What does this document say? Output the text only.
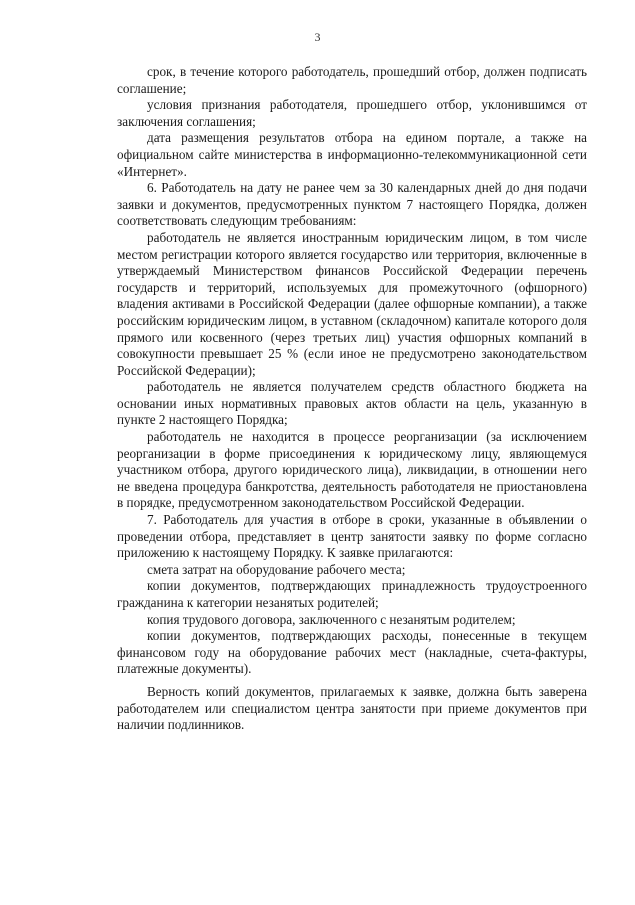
3

срок, в течение которого работодатель, прошедший отбор, должен подписать соглашение;

условия признания работодателя, прошедшего отбор, уклонившимся от заключения соглашения;

дата размещения результатов отбора на едином портале, а также на официальном сайте министерства в информационно-телекоммуникационной сети «Интернет».

6. Работодатель на дату не ранее чем за 30 календарных дней до дня подачи заявки и документов, предусмотренных пунктом 7 настоящего Порядка, должен соответствовать следующим требованиям:

работодатель не является иностранным юридическим лицом, в том числе местом регистрации которого является государство или территория, включенные в утверждаемый Министерством финансов Российской Федерации перечень государств и территорий, используемых для промежуточного (офшорного) владения активами в Российской Федерации (далее офшорные компании), а также российским юридическим лицом, в уставном (складочном) капитале которого доля прямого или косвенного (через третьих лиц) участия офшорных компаний в совокупности превышает 25 % (если иное не предусмотрено законодательством Российской Федерации);

работодатель не является получателем средств областного бюджета на основании иных нормативных правовых актов области на цель, указанную в пункте 2 настоящего Порядка;

работодатель не находится в процессе реорганизации (за исключением реорганизации в форме присоединения к юридическому лицу, являющемуся участником отбора, другого юридического лица), ликвидации, в отношении него не введена процедура банкротства, деятельность работодателя не приостановлена в порядке, предусмотренном законодательством Российской Федерации.

7. Работодатель для участия в отборе в сроки, указанные в объявлении о проведении отбора, представляет в центр занятости заявку по форме согласно приложению к настоящему Порядку. К заявке прилагаются:

смета затрат на оборудование рабочего места;

копии документов, подтверждающих принадлежность трудоустроенного гражданина к категории незанятых родителей;

копия трудового договора, заключенного с незанятым родителем;

копии документов, подтверждающих расходы, понесенные в текущем финансовом году на оборудование рабочих мест (накладные, счета-фактуры, платежные документы).

Верность копий документов, прилагаемых к заявке, должна быть заверена работодателем или специалистом центра занятости при приеме документов при наличии подлинников.
